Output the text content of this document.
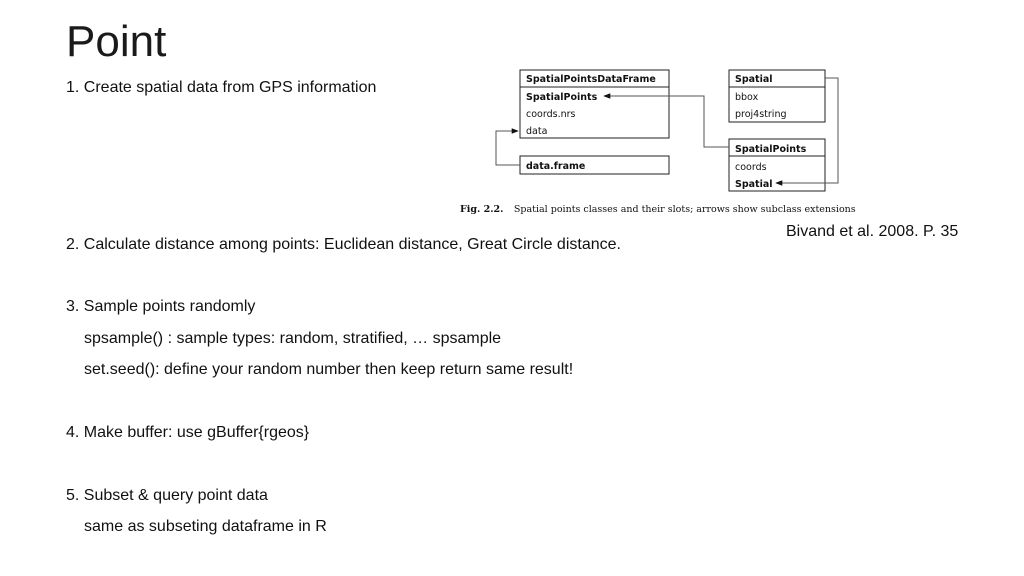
Point
1. Create spatial data from GPS information
2. Calculate distance among points: Euclidean distance, Great Circle distance.
3. Sample points randomly
spsample() : sample types: random, stratified, … spsample
set.seed(): define your random number then keep return same result!
4. Make buffer: use gBuffer{rgeos}
5. Subset & query point data
same as subseting dataframe in R
Bivand et al. 2008. P. 35
SpatialPointsDataFrame
SpatialPoints
coords.nrs
data
data.frame
Spatial
bbox
proj4string
SpatialPoints
coords
Spatial
Fig. 2.2. Spatial points classes and their slots; arrows show subclass extensions
